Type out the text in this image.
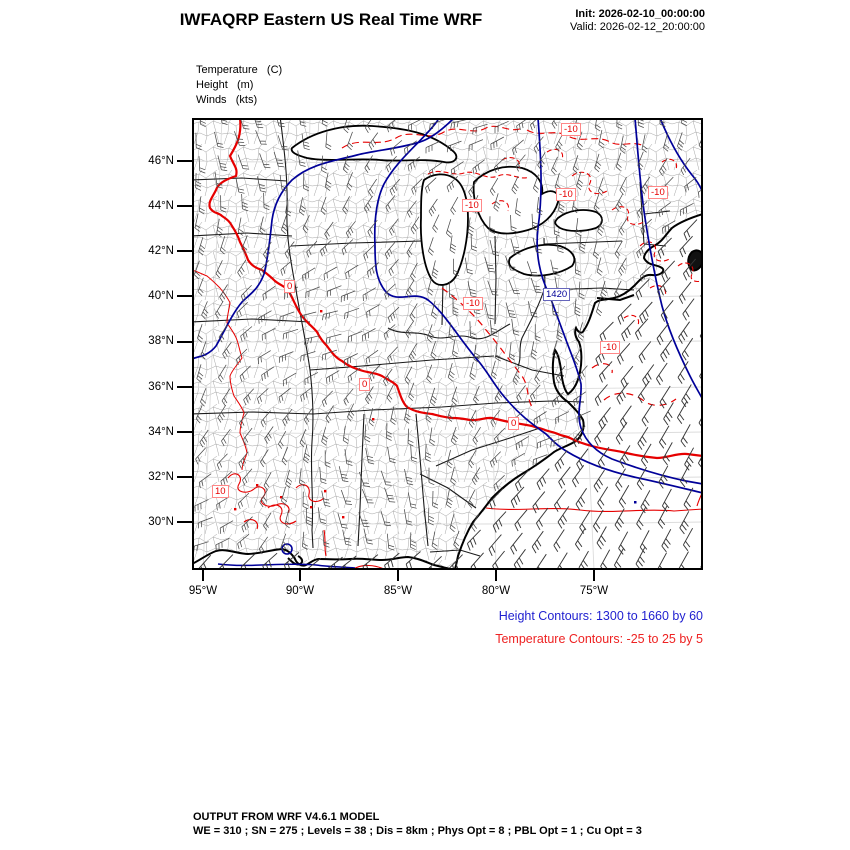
IWFAQRP Eastern US Real Time WRF	Init: 2026-02-10_00:00:00
Valid: 2026-02-12_20:00:00
Temperature   (C)
Height   (m)
Winds   (kts)
46°N
44°N
42°N
40°N
38°N
36°N
34°N
32°N
30°N
95°W	90°W	85°W	80°W	75°W
1420
-10
-10	-10
-10
-10
-10
0
0
0
10
Height Contours: 1300 to 1660 by 60
Temperature Contours: -25 to 25 by 5
OUTPUT FROM WRF V4.6.1 MODEL
WE = 310 ; SN = 275 ; Levels = 38 ; Dis = 8km ; Phys Opt = 8 ; PBL Opt = 1 ; Cu Opt = 3
